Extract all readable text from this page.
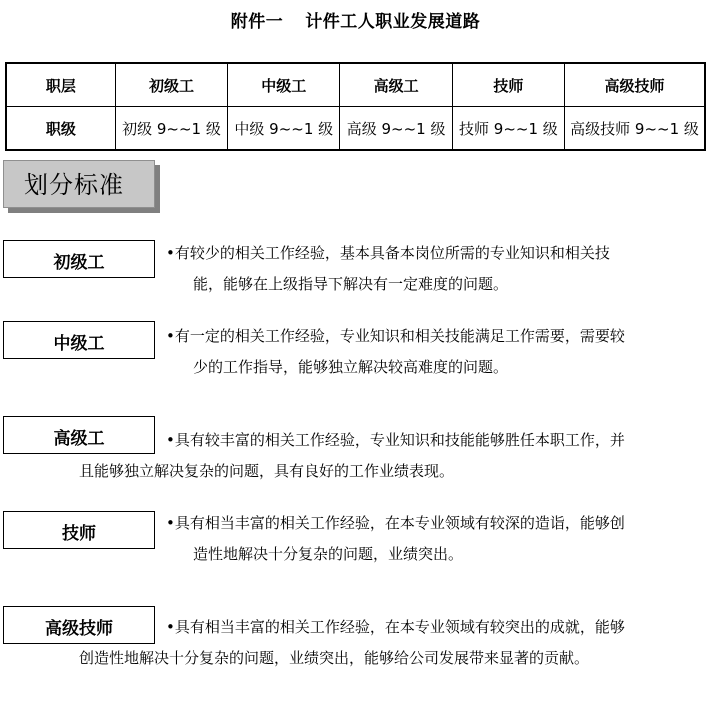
附件一 计件工人职业发展道路
职层	初级工	中级工	高级工	技师	高级技师
职级	初级 9~~1 级	中级 9~~1 级	高级 9~~1 级	技师 9~~1 级	高级技师 9~~1 级
划分标准
初级工	•有较少的相关工作经验，基本具备本岗位所需的专业知识和相关技
能，能够在上级指导下解决有一定难度的问题。
中级工	•有一定的相关工作经验，专业知识和相关技能满足工作需要，需要较
少的工作指导，能够独立解决较高难度的问题。
高级工	•具有较丰富的相关工作经验，专业知识和技能能够胜任本职工作，并
且能够独立解决复杂的问题，具有良好的工作业绩表现。
技师
•具有相当丰富的相关工作经验，在本专业领域有较深的造诣，能够创
造性地解决十分复杂的问题，业绩突出。
高级技师	•具有相当丰富的相关工作经验，在本专业领域有较突出的成就，能够
创造性地解决十分复杂的问题，业绩突出，能够给公司发展带来显著的贡献。
